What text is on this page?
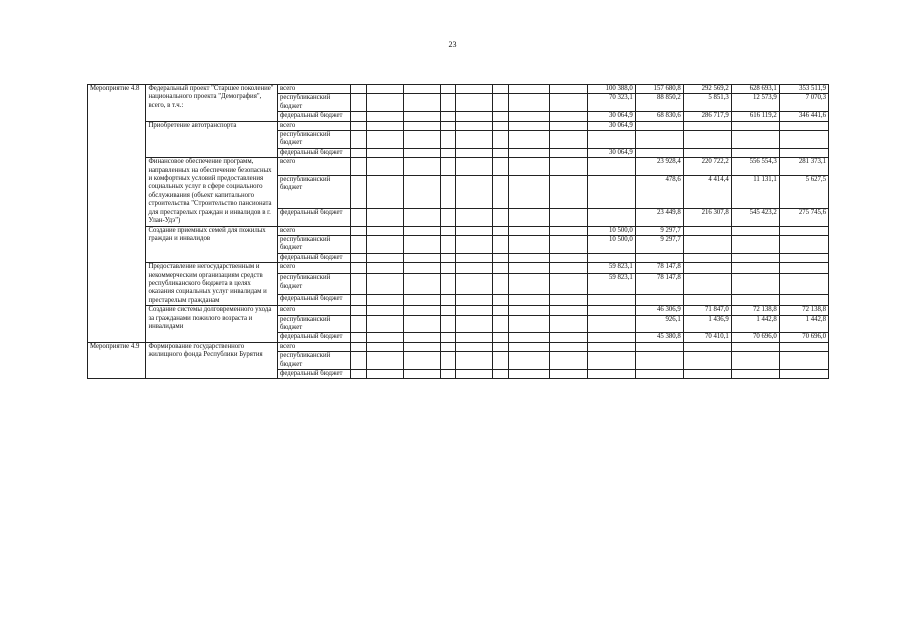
23
Мероприятие 4.8	Федеральный проект "Старшее поколение" национального проекта "Демография", всего, в т.ч.:	всего									100 388,0	157 680,8	292 569,2	628 693,1	353 511,9
		республиканский бюджет									70 323,1	88 850,2	5 851,3	12 573,9	7 070,3
		федеральный бюджет									30 064,9	68 830,6	286 717,9	616 119,2	346 441,6
	Приобретение автотранспорта	всего									30 064,9				
		республиканский бюджет													
		федеральный бюджет									30 064,9				
	Финансовое обеспечение программ, направленных на обеспечение безопасных и комфортных условий предоставления социальных услуг в сфере социального обслуживания (объект капитального строительства "Строительство пансионата для престарелых граждан и инвалидов в г. Улан-Удэ")	всего										23 928,4	220 722,2	556 554,3	281 373,1
		республиканский бюджет										478,6	4 414,4	11 131,1	5 627,5
		федеральный бюджет										23 449,8	216 307,8	545 423,2	275 745,6
	Создание приемных семей для пожилых граждан и инвалидов	всего									10 500,0	9 297,7			
		республиканский бюджет									10 500,0	9 297,7			
		федеральный бюджет													
	Предоставление негосударственным и некоммерческим организациям средств республиканского бюджета в целях оказания социальных услуг инвалидам и престарелым гражданам	всего									59 823,1	78 147,8			
		республиканский бюджет									59 823,1	78 147,8			
		федеральный бюджет													
	Создание системы долговременного ухода за гражданами пожилого возраста и инвалидами	всего										46 306,9	71 847,0	72 138,8	72 138,8
		республиканский бюджет										926,1	1 436,9	1 442,8	1 442,8
		федеральный бюджет										45 380,8	70 410,1	70 696,0	70 696,0
Мероприятие 4.9	Формирование государственного жилищного фонда Республики Бурятия	всего													
		республиканский бюджет													
		федеральный бюджет													
